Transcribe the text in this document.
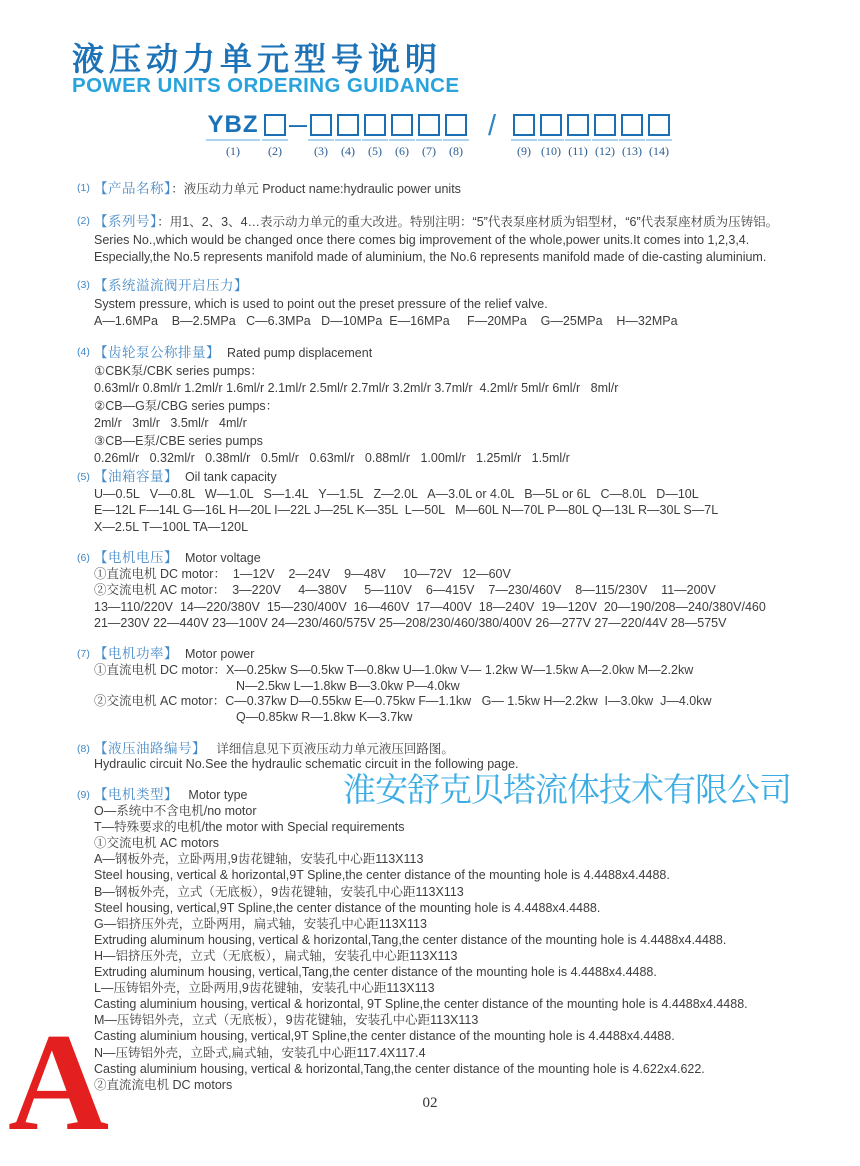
液压动力单元型号说明
POWER UNITS ORDERING GUIDANCE
YBZ
(1) (2)
—
(3) (4) (5) (6) (7) (8)
/
(9) (10) (11) (12) (13) (14)
(1) 【产品名称】：液压动力单元 Product name:hydraulic power units
(2) 【系列号】：用1、2、3、4…表示动力单元的重大改进。特别注明：“5”代表泵座材质为铝型材，“6”代表泵座材质为压铸铝。
Series No.,which would be changed once there comes big improvement of the whole,power units.It comes into 1,2,3,4.
Especially,the No.5 represents manifold made of aluminium, the No.6 represents manifold made of die-casting aluminium.
(3) 【系统溢流阀开启压力】
System pressure, which is used to point out the preset pressure of the relief valve.
A—1.6MPa    B—2.5MPa   C—6.3MPa   D—10MPa  E—16MPa     F—20MPa    G—25MPa    H—32MPa
(4) 【齿轮泵公称排量】  Rated pump displacement
①CBK泵/CBK series pumps：
0.63ml/r 0.8ml/r 1.2ml/r 1.6ml/r 2.1ml/r 2.5ml/r 2.7ml/r 3.2ml/r 3.7ml/r  4.2ml/r 5ml/r 6ml/r   8ml/r
②CB—G泵/CBG series pumps：
2ml/r   3ml/r   3.5ml/r   4ml/r
③CB—E泵/CBE series pumps
0.26ml/r   0.32ml/r   0.38ml/r   0.5ml/r   0.63ml/r   0.88ml/r   1.00ml/r   1.25ml/r   1.5ml/r
(5) 【油箱容量】  Oil tank capacity
U—0.5L   V—0.8L   W—1.0L   S—1.4L   Y—1.5L   Z—2.0L   A—3.0L or 4.0L   B—5L or 6L   C—8.0L   D—10L
E—12L F—14L G—16L H—20L I—22L J—25L K—35L  L—50L   M—60L N—70L P—80L Q—13L R—30L S—7L
X—2.5L T—100L TA—120L
(6) 【电机电压】  Motor voltage
①直流电机 DC motor：  1—12V    2—24V    9—48V     10—72V   12—60V
②交流电机 AC motor：  3—220V     4—380V     5—110V    6—415V    7—230/460V    8—115/230V    11—200V
13—110/220V  14—220/380V  15—230/400V  16—460V  17—400V  18—240V  19—120V  20—190/208—240/380V/460
21—230V 22—440V 23—100V 24—230/460/575V 25—208/230/460/380/400V 26—277V 27—220/44V 28—575V
(7) 【电机功率】  Motor power
①直流电机 DC motor：X—0.25kw S—0.5kw T—0.8kw U—1.0kw V— 1.2kw W—1.5kw A—2.0kw M—2.2kw
N—2.5kw L—1.8kw B—3.0kw P—4.0kw
②交流电机 AC motor：C—0.37kw D—0.55kw E—0.75kw F—1.1kw   G— 1.5kw H—2.2kw  I—3.0kw  J—4.0kw
Q—0.85kw R—1.8kw K—3.7kw
(8) 【液压油路编号】   详细信息见下页液压动力单元液压回路图。
Hydraulic circuit No.See the hydraulic schematic circuit in the following page.
(9) 【电机类型】   Motor type
O—系统中不含电机/no motor
T—特殊要求的电机/the motor with Special requirements
①交流电机 AC motors
A—钢板外壳，立卧两用,9齿花键轴，安装孔中心距113X113
Steel housing, vertical & horizontal,9T Spline,the center distance of the mounting hole is 4.4488x4.4488.
B—钢板外壳，立式（无底板），9齿花键轴，安装孔中心距113X113
Steel housing, vertical,9T Spline,the center distance of the mounting hole is 4.4488x4.4488.
G—铝挤压外壳，立卧两用，扁式轴，安装孔中心距113X113
Extruding aluminum housing, vertical & horizontal,Tang,the center distance of the mounting hole is 4.4488x4.4488.
H—铝挤压外壳，立式（无底板），扁式轴，安装孔中心距113X113
Extruding aluminum housing, vertical,Tang,the center distance of the mounting hole is 4.4488x4.4488.
L—压铸铝外壳，立卧两用,9齿花键轴，安装孔中心距113X113
Casting aluminium housing, vertical & horizontal, 9T Spline,the center distance of the mounting hole is 4.4488x4.4488.
M—压铸铝外壳，立式（无底板），9齿花键轴，安装孔中心距113X113
Casting aluminium housing, vertical,9T Spline,the center distance of the mounting hole is 4.4488x4.4488.
N—压铸铝外壳，立卧式,扁式轴，安装孔中心距117.4X117.4
Casting aluminium housing, vertical & horizontal,Tang,the center distance of the mounting hole is 4.622x4.622.
②直流流电机 DC motors
淮安舒克贝塔流体技术有限公司
A	02
